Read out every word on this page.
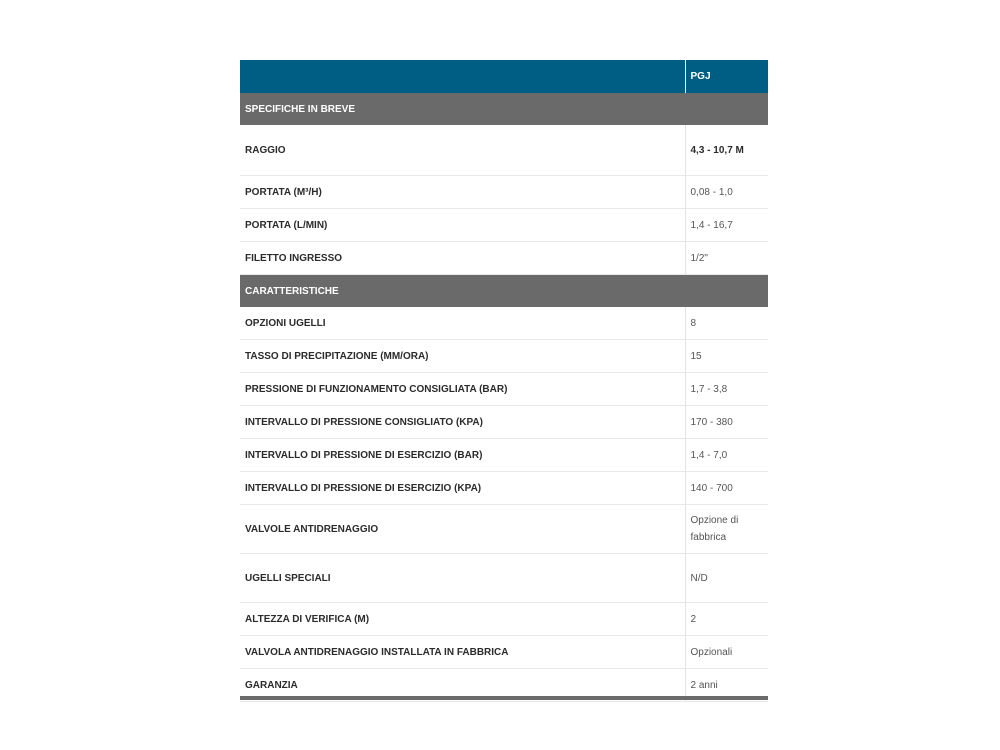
	PGJ
SPECIFICHE IN BREVE	
RAGGIO	4,3 - 10,7 M
PORTATA (M³/H)	0,08 - 1,0
PORTATA (L/MIN)	1,4 - 16,7
FILETTO INGRESSO	1/2"
CARATTERISTICHE	
OPZIONI UGELLI	8
TASSO DI PRECIPITAZIONE (MM/ORA)	15
PRESSIONE DI FUNZIONAMENTO CONSIGLIATA (BAR)	1,7 - 3,8
INTERVALLO DI PRESSIONE CONSIGLIATO (KPA)	170 - 380
INTERVALLO DI PRESSIONE DI ESERCIZIO (BAR)	1,4 - 7,0
INTERVALLO DI PRESSIONE DI ESERCIZIO (KPA)	140 - 700
VALVOLE ANTIDRENAGGIO	Opzione di fabbrica
UGELLI SPECIALI	N/D
ALTEZZA DI VERIFICA (M)	2
VALVOLA ANTIDRENAGGIO INSTALLATA IN FABBRICA	Opzionali
GARANZIA	2 anni
